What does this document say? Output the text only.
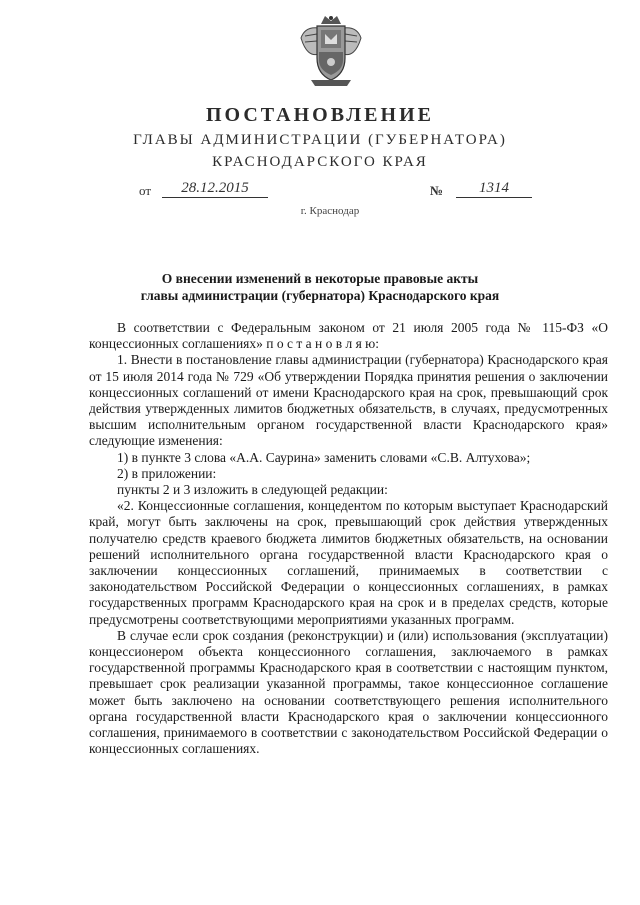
ПОСТАНОВЛЕНИЕ
ГЛАВЫ АДМИНИСТРАЦИИ (ГУБЕРНАТОРА)
КРАСНОДАРСКОГО КРАЯ
от	28.12.2015	№	1314
г. Краснодар
О внесении изменений в некоторые правовые акты
главы администрации (губернатора) Краснодарского края

В соответствии с Федеральным законом от 21 июля 2005 года № 115-ФЗ «О концессионных соглашениях» п о с т а н о в л я ю:

1. Внести в постановление главы администрации (губернатора) Краснодарского края от 15 июля 2014 года № 729 «Об утверждении Порядка принятия решения о заключении концессионных соглашений от имени Краснодарского края на срок, превышающий срок действия утвержденных лимитов бюджетных обязательств, в случаях, предусмотренных высшим исполнительным органом государственной власти Краснодарского края» следующие изменения:

1) в пункте 3 слова «А.А. Саурина» заменить словами «С.В. Алтухова»;

2) в приложении:

пункты 2 и 3 изложить в следующей редакции:

«2. Концессионные соглашения, концедентом по которым выступает Краснодарский край, могут быть заключены на срок, превышающий срок действия утвержденных получателю средств краевого бюджета лимитов бюджетных обязательств, на основании решений исполнительного органа государственной власти Краснодарского края о заключении концессионных соглашений, принимаемых в соответствии с законодательством Российской Федерации о концессионных соглашениях, в рамках государственных программ Краснодарского края на срок и в пределах средств, которые предусмотрены соответствующими мероприятиями указанных программ.

В случае если срок создания (реконструкции) и (или) использования (эксплуатации) концессионером объекта концессионного соглашения, заключаемого в рамках государственной программы Краснодарского края в соответствии с настоящим пунктом, превышает срок реализации указанной программы, такое концессионное соглашение может быть заключено на основании соответствующего решения исполнительного органа государственной власти Краснодарского края о заключении концессионного соглашения, принимаемого в соответствии с законодательством Российской Федерации о концессионных соглашениях.
